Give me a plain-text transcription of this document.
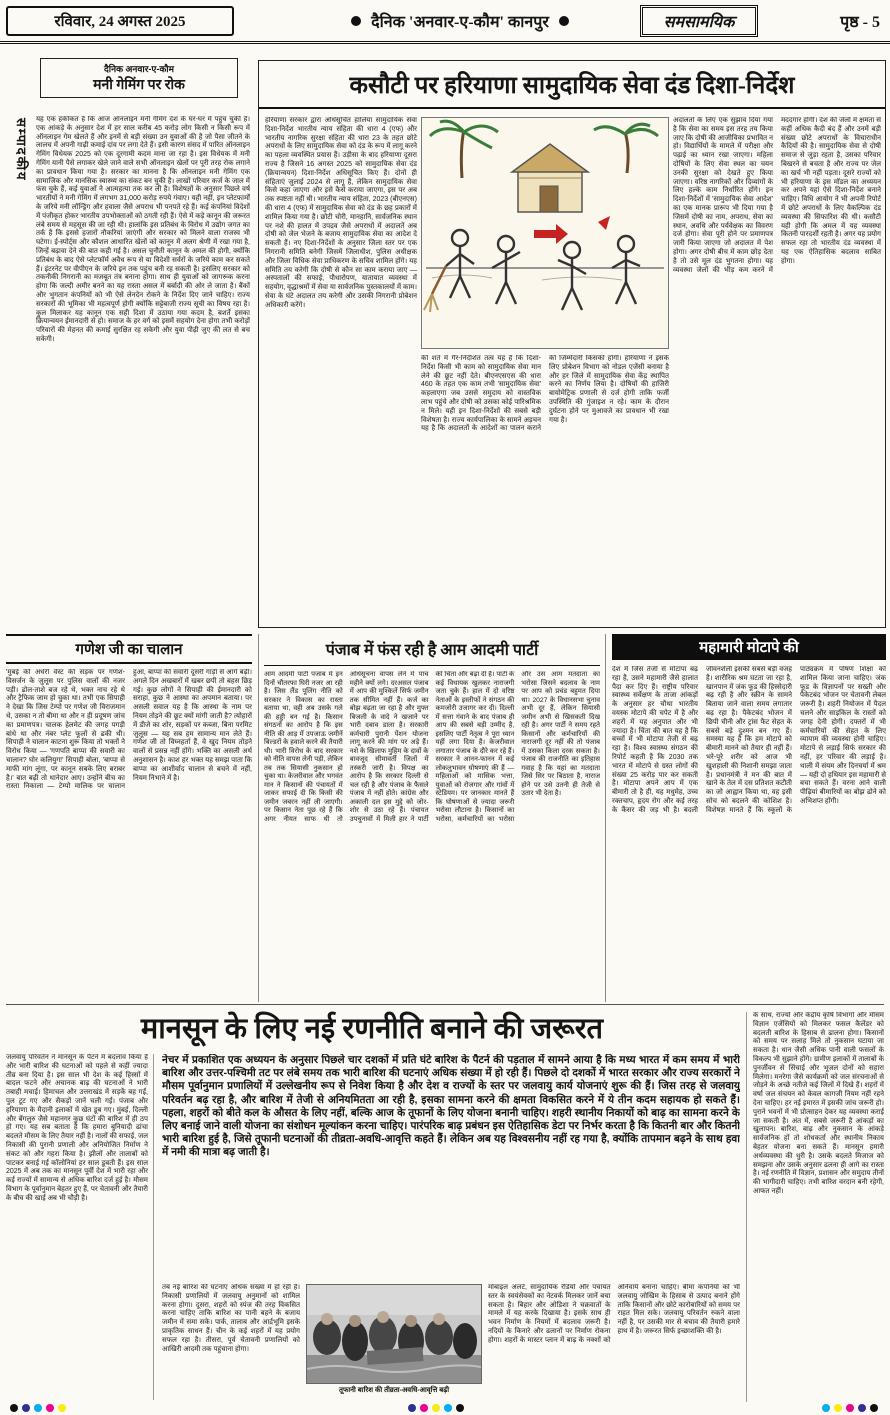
रविवार, 24 अगस्त 2025	दैनिक 'अनवार-ए-कौम' कानपुर	समसामयिक	पृष्ठ - 5
सम्पादकीय
दैनिक अनवार-ए-कौम
मनी गेमिंग पर रोक
यह एक हकीकत है कि आज ऑनलाइन मनी गेमिंग देश के घर-घर में पहुंच चुकी है। एक आंकड़े के अनुसार देश में हर साल करीब 45 करोड़ लोग किसी न किसी रूप में ऑनलाइन गेम खेलते हैं और इनमें से बड़ी संख्या उन युवाओं की है जो पैसा जीतने के लालच में अपनी गाढ़ी कमाई दांव पर लगा देते हैं। इसी कारण संसद में पारित ऑनलाइन गेमिंग विधेयक 2025 को एक दूरगामी कदम माना जा रहा है। इस विधेयक में मनी गेमिंग यानी पैसे लगाकर खेले जाने वाले सभी ऑनलाइन खेलों पर पूरी तरह रोक लगाने का प्रावधान किया गया है। सरकार का मानना है कि ऑनलाइन मनी गेमिंग एक सामाजिक और मानसिक स्वास्थ्य का संकट बन चुकी है। लाखों परिवार कर्ज के जाल में फंस चुके हैं, कई युवाओं ने आत्महत्या तक कर ली है। विशेषज्ञों के अनुसार पिछले वर्ष भारतीयों ने मनी गेमिंग में लगभग 31,000 करोड़ रुपये गंवाए। यही नहीं, इन प्लेटफार्मों के जरिये मनी लॉन्ड्रिंग और हवाला जैसे अपराध भी पनपते रहे हैं। कई कंपनियां विदेशों में पंजीकृत होकर भारतीय उपभोक्ताओं को ठगती रही हैं। ऐसे में कड़े कानून की जरूरत लंबे समय से महसूस की जा रही थी। हालांकि इस प्रतिबंध के विरोध में उद्योग जगत का तर्क है कि इससे हजारों नौकरियां जाएंगी और सरकार को मिलने वाला राजस्व भी घटेगा। ई-स्पोर्ट्स और कौशल आधारित खेलों को कानून में अलग श्रेणी में रखा गया है, जिन्हें बढ़ावा देने की बात कही गई है। असल चुनौती कानून के अमल की होगी, क्योंकि प्रतिबंध के बाद ऐसे प्लेटफॉर्म अवैध रूप से या विदेशी सर्वरों के जरिये काम कर सकते हैं। इंटरनेट पर वीपीएन के जरिये इन तक पहुंच बनी रह सकती है। इसलिए सरकार को तकनीकी निगरानी का मजबूत तंत्र बनाना होगा। साथ ही युवाओं को जागरूक करना होगा कि जल्दी अमीर बनने का यह रास्ता असल में बर्बादी की ओर ले जाता है। बैंकों और भुगतान कंपनियों को भी ऐसे लेनदेन रोकने के निर्देश दिए जाने चाहिए। राज्य सरकारों की भूमिका भी महत्वपूर्ण होगी क्योंकि सट्टेबाजी राज्य सूची का विषय रहा है। कुल मिलाकर यह कानून एक सही दिशा में उठाया गया कदम है, बशर्ते इसका क्रियान्वयन ईमानदारी से हो। समाज के हर वर्ग को इसमें सहयोग देना होगा तभी करोड़ों परिवारों की मेहनत की कमाई सुरक्षित रह सकेगी और युवा पीढ़ी जुए की लत से बच सकेगी।
कसौटी पर हरियाणा सामुदायिक सेवा दंड दिशा-निर्देश
हरियाणा सरकार द्वारा अधिसूचित हालिया सामुदायिक सेवा दिशा-निर्देश भारतीय न्याय संहिता की धारा 4 (एफ) और भारतीय नागरिक सुरक्षा संहिता की धारा 23 के तहत छोटे अपराधों के लिए सामुदायिक सेवा को दंड के रूप में लागू करने का पहला व्यवस्थित प्रयास हैं। उड़ीसा के बाद हरियाणा दूसरा राज्य है जिसने 16 अगस्त 2025 को सामुदायिक सेवा दंड (क्रियान्वयन) दिशा-निर्देश अधिसूचित किए हैं। दोनों ही संहिताएं जुलाई 2024 से लागू हैं, लेकिन सामुदायिक सेवा किसे कहा जाएगा और इसे कैसे कराया जाएगा, इस पर अब तक स्पष्टता नहीं थी। भारतीय न्याय संहिता, 2023 (बीएनएस) की धारा 4 (एफ) में सामुदायिक सेवा को दंड के छह प्रकारों में शामिल किया गया है। छोटी चोरी, मानहानि, सार्वजनिक स्थान पर नशे की हालत में उपद्रव जैसे अपराधों में अदालतें अब दोषी को जेल भेजने के बजाय सामुदायिक सेवा का आदेश दे सकती हैं। नए दिशा-निर्देशों के अनुसार जिला स्तर पर एक निगरानी समिति बनेगी जिसमें जिलाधीश, पुलिस अधीक्षक और जिला विधिक सेवा प्राधिकरण के सचिव शामिल होंगे। यह समिति तय करेगी कि दोषी से कौन सा काम कराया जाए — अस्पतालों की सफाई, पौधारोपण, यातायात व्यवस्था में सहयोग, वृद्धाश्रमों में सेवा या सार्वजनिक पुस्तकालयों में काम। सेवा के घंटे अदालत तय करेगी और उसकी निगरानी प्रोबेशन अधिकारी करेंगे।
की शर्त में गैर-निर्देशित तत्व यह है कि दिशा-निर्देश किसी भी काम को सामुदायिक सेवा मान लेने की छूट नहीं देते। बीएनएसएस की धारा 460 के तहत एक काम तभी 'सामुदायिक सेवा' कहलाएगा जब उससे समुदाय को वास्तविक लाभ पहुंचे और दोषी को उसका कोई पारिश्रमिक न मिले। यही इन दिशा-निर्देशों की सबसे बड़ी विशेषता है। राज्य कार्यपालिका के सामने अड़चन यह है कि अदालतों के आदेशों का पालन कराने की जिम्मेदारी किसकी होगी। हरियाणा ने इसके लिए प्रोबेशन विभाग को नोडल एजेंसी बनाया है और हर जिले में सामुदायिक सेवा केंद्र स्थापित करने का निर्णय लिया है। दोषियों की हाजिरी बायोमेट्रिक प्रणाली से दर्ज होगी ताकि फर्जी उपस्थिति की गुंजाइश न रहे। काम के दौरान दुर्घटना होने पर मुआवजे का प्रावधान भी रखा गया है।
अदालतों के लिए एक सुझाव दिया गया है कि सेवा का समय इस तरह तय किया जाए कि दोषी की आजीविका प्रभावित न हो। विद्यार्थियों के मामले में परीक्षा और पढ़ाई का ध्यान रखा जाएगा। महिला दोषियों के लिए सेवा स्थल का चयन उनकी सुरक्षा को देखते हुए किया जाएगा। वरिष्ठ नागरिकों और दिव्यांगों के लिए हल्के काम निर्धारित होंगे। इन दिशा-निर्देशों में 'सामुदायिक सेवा आदेश' का एक मानक प्रारूप भी दिया गया है जिसमें दोषी का नाम, अपराध, सेवा का स्थान, अवधि और पर्यवेक्षक का विवरण दर्ज होगा। सेवा पूरी होने पर प्रमाणपत्र जारी किया जाएगा जो अदालत में पेश होगा। अगर दोषी बीच में काम छोड़ देता है तो उसे मूल दंड भुगतना होगा। यह व्यवस्था जेलों की भीड़ कम करने में मददगार होगी। देश की जेलों में क्षमता से कहीं अधिक कैदी बंद हैं और उनमें बड़ी संख्या छोटे अपराधों के विचाराधीन कैदियों की है। सामुदायिक सेवा से दोषी समाज से जुड़ा रहता है, उसका परिवार बिखरने से बचता है और राज्य पर जेल का खर्च भी नहीं पड़ता। दूसरे राज्यों को भी हरियाणा के इस मॉडल का अध्ययन कर अपने यहां ऐसे दिशा-निर्देश बनाने चाहिए। विधि आयोग ने भी अपनी रिपोर्ट में छोटे अपराधों के लिए वैकल्पिक दंड व्यवस्था की सिफारिश की थी। कसौटी यही होगी कि अमल में यह व्यवस्था कितनी पारदर्शी रहती है। अगर यह प्रयोग सफल रहा तो भारतीय दंड व्यवस्था में यह एक ऐतिहासिक बदलाव साबित होगा।
गणेश जी का चालान
'मुंबई की अंधेरी वेस्ट की सड़क पर गणेश-विसर्जन के जुलूस पर पुलिस वालों की नजर पड़ी। ढोल-ताशे बज रहे थे, भक्त नाच रहे थे और ट्रैफिक जाम हो चुका था। तभी एक सिपाही ने देखा कि जिस टेम्पो पर गणेश जी विराजमान थे, उसका न तो बीमा था और न ही प्रदूषण जांच का प्रमाणपत्र। चालक हेलमेट की जगह पगड़ी बांधे था और नंबर प्लेट फूलों से ढकी थी। सिपाही ने चालान काटना शुरू किया तो भक्तों ने विरोध किया — 'गणपति बाप्पा की सवारी का चालान? घोर कलियुग!' सिपाही बोला, 'बाप्पा से माफी मांग लूंगा, पर कानून सबके लिए बराबर है।' बात बढ़ी तो थानेदार आए। उन्होंने बीच का रास्ता निकाला — टेम्पो मालिक पर चालान हुआ, बाप्पा की सवारी दूसरी गाड़ी से आगे बढ़ी। अगले दिन अखबारों में खबर छपी तो बहस छिड़ गई। कुछ लोगों ने सिपाही की ईमानदारी को सराहा, कुछ ने आस्था का अपमान बताया। पर असली सवाल यह है कि आस्था के नाम पर नियम तोड़ने की छूट क्यों मांगी जाती है? त्योहारों में डीजे का शोर, सड़कों पर कब्जा, बिना परमिट जुलूस — यह सब हम सामान्य मान लेते हैं। गणेश जी तो विघ्नहर्ता हैं, वे खुद नियम तोड़ने वालों से प्रसन्न नहीं होंगे। भक्ति का असली अर्थ अनुशासन है। काश हर भक्त यह समझ पाता कि बाप्पा का आशीर्वाद चालान से बचने में नहीं, नियम निभाने में है।
पंजाब में फंस रही है आम आदमी पार्टी
आम आदमी पार्टी पंजाब में इन दिनों चौतरफा घिरी नजर आ रही है। जिस लैंड पूलिंग नीति को सरकार ने विकास का रास्ता बताया था, वही अब उसके गले की हड्डी बन गई है। किसान संगठनों का आरोप है कि इस नीति की आड़ में उपजाऊ जमीनें बिल्डरों के हवाले करने की तैयारी थी। भारी विरोध के बाद सरकार को नीति वापस लेनी पड़ी, लेकिन तब तक सियासी नुकसान हो चुका था। केजरीवाल और भगवंत मान ने किसानों की पंचायतों में जाकर सफाई दी कि किसी की जमीन जबरन नहीं ली जाएगी। पर किसान नेता पूछ रहे हैं कि अगर नीयत साफ थी तो अधिसूचना वापस लेने में पांच महीने क्यों लगे। दरअसल पंजाब में आप की मुश्किलें सिर्फ जमीन तक सीमित नहीं हैं। कर्ज का बोझ बढ़ता जा रहा है और मुफ्त बिजली के वादे ने खजाने पर भारी दबाव डाला है। सरकारी कर्मचारी पुरानी पेंशन योजना लागू करने की मांग पर अड़े हैं। नशे के खिलाफ मुहिम के दावों के बावजूद सीमावर्ती जिलों में तस्करी जारी है। विपक्ष का आरोप है कि सरकार दिल्ली से चल रही है और पंजाब के फैसले पंजाब में नहीं होते। कांग्रेस और अकाली दल इस मुद्दे को जोर-शोर से उठा रहे हैं। पंचायत उपचुनावों में मिली हार ने पार्टी की चिंता और बढ़ा दी है। पार्टी के कई विधायक खुलकर नाराजगी जता चुके हैं। हाल में दो वरिष्ठ नेताओं के इस्तीफों ने संगठन की कमजोरी उजागर कर दी। दिल्ली में सत्ता गंवाने के बाद पंजाब ही आप की सबसे बड़ी उम्मीद है, इसलिए पार्टी नेतृत्व ने पूरा ध्यान यहीं लगा दिया है। केजरीवाल लगातार पंजाब के दौरे कर रहे हैं। सरकार ने आनन-फानन में कई लोकलुभावन घोषणाएं की हैं — महिलाओं को मासिक भत्ता, युवाओं को रोजगार और गांवों में स्टेडियम। पर जानकार मानते हैं कि घोषणाओं से ज्यादा जरूरी भरोसा लौटाना है। किसानों का भरोसा, कर्मचारियों का भरोसा और उस आम मतदाता का भरोसा जिसने बदलाव के नाम पर आप को प्रचंड बहुमत दिया था। 2027 के विधानसभा चुनाव अभी दूर हैं, लेकिन सियासी जमीन अभी से खिसकती दिख रही है। अगर पार्टी ने समय रहते किसानों और कर्मचारियों की नाराजगी दूर नहीं की तो पंजाब में उसका किला दरक सकता है। पंजाब की राजनीति का इतिहास गवाह है कि यहां का मतदाता जिसे सिर पर बिठाता है, नाराज होने पर उसे उतनी ही तेजी से उतार भी देता है।
महामारी मोटापे की
देश में जिस तेजी से मोटापा बढ़ रहा है, उसने महामारी जैसे हालात पैदा कर दिए हैं। राष्ट्रीय परिवार स्वास्थ्य सर्वेक्षण के ताजा आंकड़ों के अनुसार हर चौथा भारतीय वयस्क मोटापे की चपेट में है और शहरों में यह अनुपात और भी ज्यादा है। चिंता की बात यह है कि बच्चों में भी मोटापा तेजी से बढ़ रहा है। विश्व स्वास्थ्य संगठन की रिपोर्ट कहती है कि 2030 तक भारत में मोटापे से ग्रस्त लोगों की संख्या 25 करोड़ पार कर सकती है। मोटापा अपने आप में एक बीमारी तो है ही, यह मधुमेह, उच्च रक्तचाप, हृदय रोग और कई तरह के कैंसर की जड़ भी है। बदली जीवनशैली इसकी सबसे बड़ी वजह है। शारीरिक श्रम घटता जा रहा है, खानपान में जंक फूड की हिस्सेदारी बढ़ रही है और स्क्रीन के सामने बिताया जाने वाला समय लगातार बढ़ रहा है। पैकेटबंद भोजन में छिपी चीनी और ट्रांस फैट सेहत के सबसे बड़े दुश्मन बन गए हैं। समस्या यह है कि हम मोटापे को बीमारी मानने को तैयार ही नहीं हैं। भरे-पूरे शरीर को आज भी खुशहाली की निशानी समझा जाता है। प्रधानमंत्री ने मन की बात में खाने के तेल में दस प्रतिशत कटौती का जो आह्वान किया था, वह इसी सोच को बदलने की कोशिश है। विशेषज्ञ मानते हैं कि स्कूलों के पाठ्यक्रम में पोषण शिक्षा को शामिल किया जाना चाहिए। जंक फूड के विज्ञापनों पर सख्ती और पैकेटबंद भोजन पर चेतावनी लेबल जरूरी है। शहरी नियोजन में पैदल चलने और साइकिल के रास्तों को जगह देनी होगी। दफ्तरों में भी कर्मचारियों की सेहत के लिए व्यायाम की व्यवस्था होनी चाहिए। मोटापे से लड़ाई सिर्फ सरकार की नहीं, हर परिवार की लड़ाई है। थाली में संयम और दिनचर्या में श्रम — यही दो हथियार इस महामारी से बचा सकते हैं। वरना आने वाली पीढ़ियां बीमारियों का बोझ ढोने को अभिशप्त होंगी।
मानसून के लिए नई रणनीति बनाने की जरूरत
जलवायु परिवर्तन ने मानसून के पैटर्न में बदलाव किया है और भारी बारिश की घटनाओं को पहले से कहीं ज्यादा तीव्र बना दिया है। इस साल भी देश के कई हिस्सों में बादल फटने और अचानक बाढ़ की घटनाओं ने भारी तबाही मचाई। हिमाचल और उत्तराखंड में सड़कें बह गईं, पुल टूट गए और सैकड़ों जानें चली गईं। पंजाब और हरियाणा के मैदानी इलाकों में खेत डूब गए। मुंबई, दिल्ली और बेंगलुरु जैसे महानगर कुछ घंटों की बारिश में ही ठप हो गए। यह सब बताता है कि हमारा बुनियादी ढांचा बदलते मौसम के लिए तैयार नहीं है। नालों की सफाई, जल निकासी की पुरानी प्रणाली और अनियोजित निर्माण ने संकट को और गहरा किया है। झीलों और तालाबों को पाटकर बनाई गई कॉलोनियां हर साल डूबती हैं। इस साल 2025 में अब तक का मानसून पूर्वी देश में भारी रहा और कई राज्यों में सामान्य से अधिक बारिश दर्ज हुई है। मौसम विभाग के पूर्वानुमान बेहतर हुए हैं, पर चेतावनी और तैयारी के बीच की खाई अब भी चौड़ी है।
नेचर में प्रकाशित एक अध्ययन के अनुसार पिछले चार दशकों में प्रति घंटे बारिश के पैटर्न की पड़ताल में सामने आया है कि मध्य भारत में कम समय में भारी बारिश और उत्तर-पश्चिमी तट पर लंबे समय तक भारी बारिश की घटनाएं अधिक संख्या में हो रही हैं। पिछले दो दशकों में भारत सरकार और राज्य सरकारों ने मौसम पूर्वानुमान प्रणालियों में उल्लेखनीय रूप से निवेश किया है और देश व राज्यों के स्तर पर जलवायु कार्य योजनाएं शुरू की हैं। जिस तरह से जलवायु परिवर्तन बढ़ रहा है, और बारिश में तेजी से अनियमितता आ रही है, इसका सामना करने की क्षमता विकसित करने में ये तीन कदम सहायक हो सकते हैं। पहला, शहरों को बीते कल के औसत के लिए नहीं, बल्कि आज के तूफानों के लिए योजना बनानी चाहिए। शहरी स्थानीय निकायों को बाढ़ का सामना करने के लिए बनाई जाने वाली योजना का संशोधन मूल्यांकन करना चाहिए। पारंपरिक बाढ़ प्रबंधन इस ऐतिहासिक डेटा पर निर्भर करता है कि कितनी बार और कितनी भारी बारिश हुई है, जिसे तूफानी घटनाओं की तीव्रता-अवधि-आवृत्ति कहते हैं। लेकिन अब यह विश्वसनीय नहीं रह गया है, क्योंकि तापमान बढ़ने के साथ हवा में नमी की मात्रा बढ़ जाती है।
तब नई बारिश की घटनाएं अधिक संख्या में हो रही हैं। निकासी प्रणालियों में जलवायु अनुमानों को शामिल करना होगा। दूसरा, शहरों को स्पंज की तरह विकसित करना चाहिए ताकि बारिश का पानी बहने के बजाय जमीन में समा सके। पार्क, तालाब और आर्द्रभूमि इसके प्राकृतिक साधन हैं। चीन के कई शहरों में यह प्रयोग सफल रहा है। तीसरा, पूर्व चेतावनी प्रणालियों को आखिरी आदमी तक पहुंचाना होगा।
तूफानी बारिश की तीव्रता-अवधि-आवृत्ति बढ़ी
मोबाइल अलर्ट, सामुदायिक रेडियो और पंचायत स्तर के स्वयंसेवकों का नेटवर्क मिलकर जानें बचा सकता है। बिहार और ओडिशा ने चक्रवातों के मामले में यह करके दिखाया है। इसके साथ ही भवन निर्माण के नियमों में बदलाव जरूरी है। नदियों के किनारे और ढलानों पर निर्माण रोकना होगा। शहरों के मास्टर प्लान में बाढ़ के नक्शों को अनिवार्य बनाना चाहिए। बीमा कंपनियों को भी जलवायु जोखिम के हिसाब से उत्पाद बनाने होंगे ताकि किसानों और छोटे कारोबारियों को समय पर राहत मिल सके। जलवायु परिवर्तन रुकने वाला नहीं है, पर उसकी मार से बचाव की तैयारी हमारे हाथ में है। जरूरत सिर्फ इच्छाशक्ति की है।
के साथ, राज्यों और केंद्रीय कृषि विभागों और मौसम विज्ञान एजेंसियों को मिलकर फसल कैलेंडर को बदलती बारिश के हिसाब से ढालना होगा। किसानों को समय पर सलाह मिले तो नुकसान घटाया जा सकता है। धान जैसी अधिक पानी वाली फसलों के विकल्प भी सुझाने होंगे। ग्रामीण इलाकों में तालाबों के पुनर्जीवन से सिंचाई और भूजल दोनों को सहारा मिलेगा। मनरेगा जैसे कार्यक्रमों को जल संरचनाओं से जोड़ने के अच्छे नतीजे कई जिलों में दिखे हैं। शहरों में वर्षा जल संचयन को केवल कागजी नियम नहीं रहने देना चाहिए। हर नई इमारत में इसकी जांच जरूरी हो। पुराने भवनों में भी प्रोत्साहन देकर यह व्यवस्था कराई जा सकती है। अंत में, सबसे जरूरी है आंकड़ों का खुलापन। बारिश, बाढ़ और नुकसान के आंकड़े सार्वजनिक हों तो शोधकर्ता और स्थानीय निकाय बेहतर योजना बना सकते हैं। मानसून हमारी अर्थव्यवस्था की धुरी है। उसके बदलते मिजाज को समझना और उसके अनुसार ढलना ही आगे का रास्ता है। नई रणनीति में विज्ञान, प्रशासन और समुदाय तीनों की भागीदारी चाहिए। तभी बारिश वरदान बनी रहेगी, आफत नहीं।
